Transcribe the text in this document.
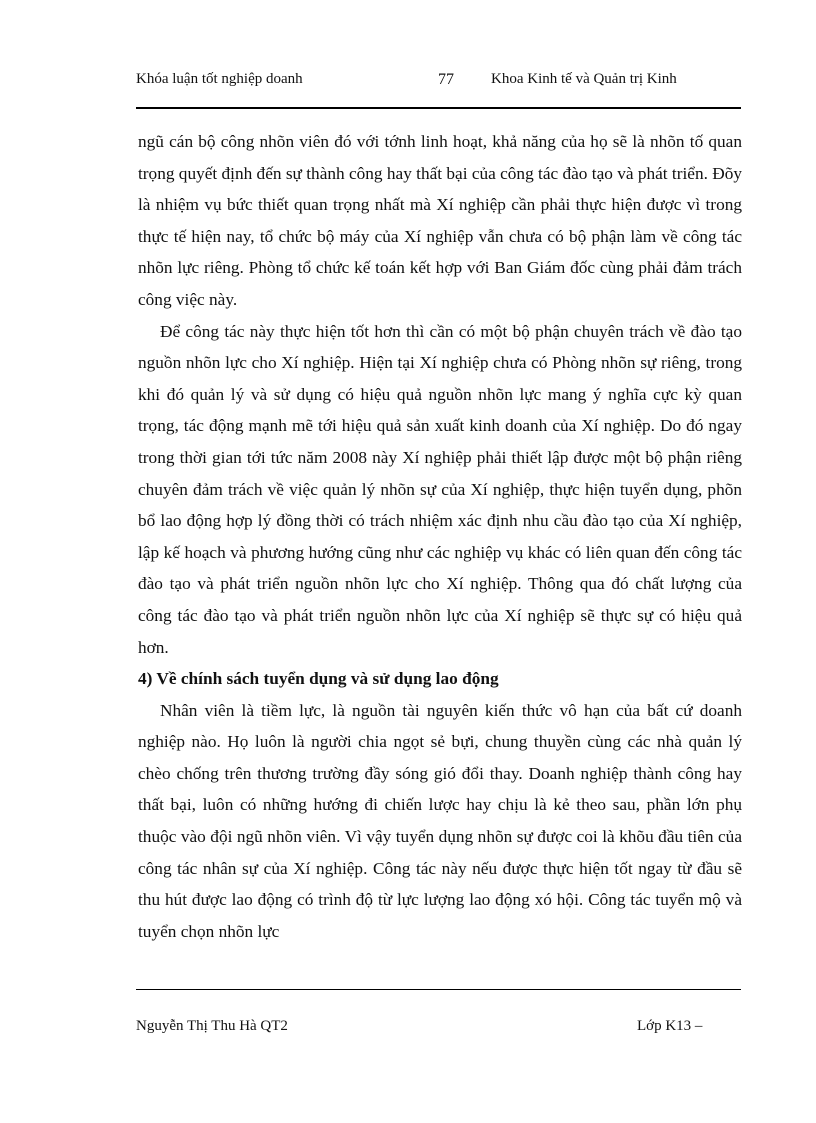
Khóa luận tốt nghiệp doanh	77 Khoa Kinh tế và Quản trị Kinh

ngũ cán bộ công nhõn viên đó với tớnh linh hoạt, khả năng của họ sẽ là nhõn tố quan trọng quyết định đến sự thành công hay thất bại của công tác đào tạo và phát triển. Đõy là nhiệm vụ bức thiết quan trọng nhất mà Xí nghiệp cần phải thực hiện được vì trong thực tế hiện nay, tổ chức bộ máy của Xí nghiệp vẫn chưa có bộ phận làm về công tác nhõn lực riêng. Phòng tổ chức kế toán kết hợp với Ban Giám đốc cùng phải đảm trách công việc này.

Để công tác này thực hiện tốt hơn thì cần có một bộ phận chuyên trách về đào tạo nguồn nhõn lực cho Xí nghiệp. Hiện tại Xí nghiệp chưa có Phòng nhõn sự riêng, trong khi đó quản lý và sử dụng có hiệu quả nguồn nhõn lực mang ý nghĩa cực kỳ quan trọng, tác động mạnh mẽ tới hiệu quả sản xuất kinh doanh của Xí nghiệp. Do đó ngay trong thời gian tới tức năm 2008 này Xí nghiệp phải thiết lập được một bộ phận riêng chuyên đảm trách về việc quản lý nhõn sự của Xí nghiệp, thực hiện tuyển dụng, phõn bổ lao động hợp lý đồng thời có trách nhiệm xác định nhu cầu đào tạo của Xí nghiệp, lập kế hoạch và phương hướng cũng như các nghiệp vụ khác có liên quan đến công tác đào tạo và phát triển nguồn nhõn lực cho Xí nghiệp. Thông qua đó chất lượng của công tác đào tạo và phát triển nguồn nhõn lực của Xí nghiệp sẽ thực sự có hiệu quả hơn.

4) Về chính sách tuyển dụng và sử dụng lao động

Nhân viên là tiềm lực, là nguồn tài nguyên kiến thức vô hạn của bất cứ doanh nghiệp nào. Họ luôn là người chia ngọt sẻ bựi, chung thuyền cùng các nhà quản lý chèo chống trên thương trường đầy sóng gió đổi thay. Doanh nghiệp thành công hay thất bại, luôn có những hướng đi chiến lược hay chịu là kẻ theo sau, phần lớn phụ thuộc vào đội ngũ nhõn viên. Vì vậy tuyển dụng nhõn sự được coi là khõu đầu tiên của công tác nhân sự của Xí nghiệp. Công tác này nếu được thực hiện tốt ngay từ đầu sẽ thu hút được lao động có trình độ từ lực lượng lao động xó hội. Công tác tuyển mộ và tuyển chọn nhõn lực

Nguyễn Thị Thu Hà QT2	Lớp K13 –
